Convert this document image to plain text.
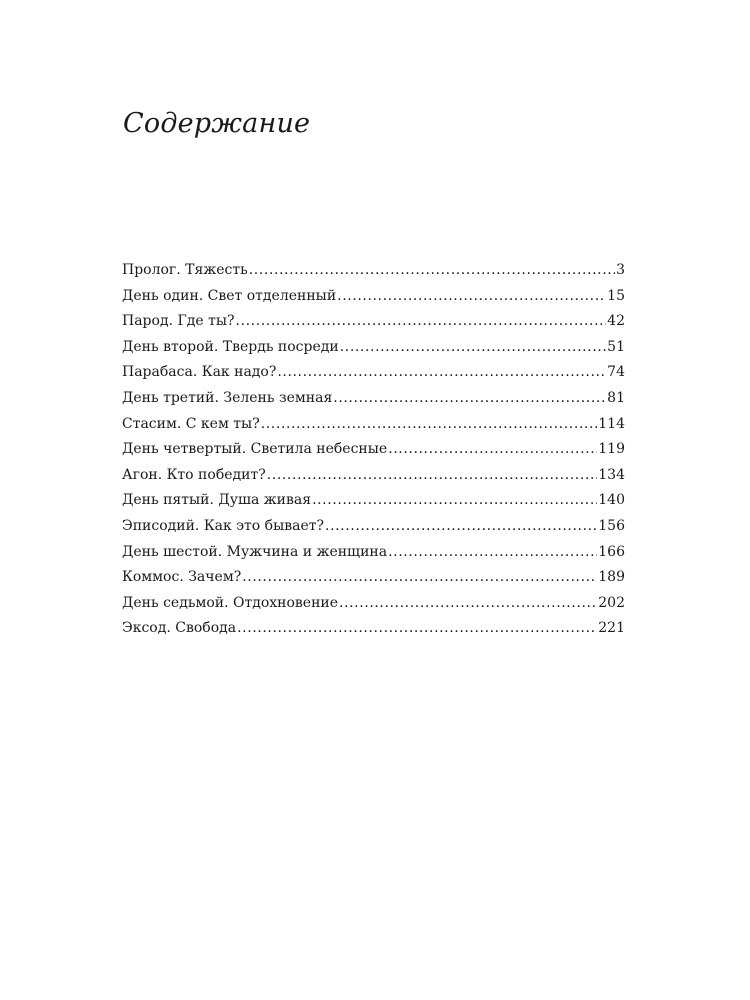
Содержание
Пролог. Тяжесть .....	3
День один. Свет отделенный .....	15
Парод. Где ты? .....	42
День второй. Твердь посреди .....	51
Парабаса. Как надо? .....	74
День третий. Зелень земная .....	81
Стасим. С кем ты? .....	114
День четвертый. Светила небесные .....	119
Агон. Кто победит? .....	134
День пятый. Душа живая .....	140
Эписодий. Как это бывает? .....	156
День шестой. Мужчина и женщина .....	166
Коммос. Зачем? .....	189
День седьмой. Отдохновение .....	202
Эксод. Свобода .....	221
